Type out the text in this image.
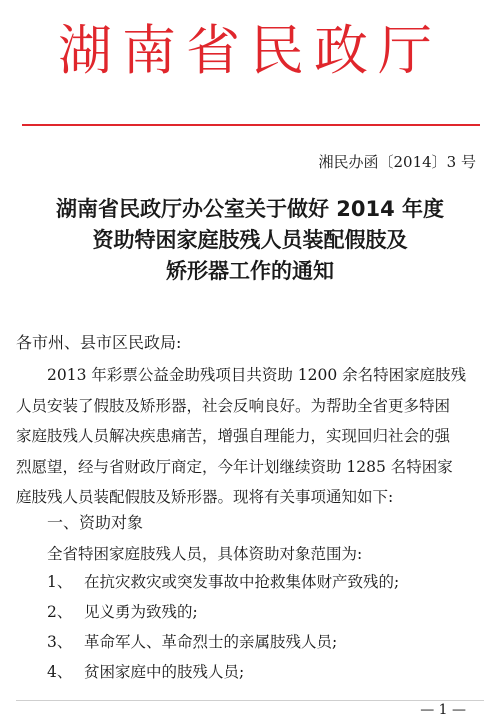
湖南省民政厅
湘民办函〔2014〕3 号
湖南省民政厅办公室关于做好 2014 年度
资助特困家庭肢残人员装配假肢及
矫形器工作的通知
各市州、县市区民政局:
2013 年彩票公益金助残项目共资助 1200 余名特困家庭肢残
人员安装了假肢及矫形器，社会反响良好。为帮助全省更多特困
家庭肢残人员解决疾患痛苦，增强自理能力，实现回归社会的强
烈愿望，经与省财政厅商定，今年计划继续资助 1285 名特困家
庭肢残人员装配假肢及矫形器。现将有关事项通知如下:
一、资助对象
全省特困家庭肢残人员，具体资助对象范围为:
1、 在抗灾救灾或突发事故中抢救集体财产致残的;
2、 见义勇为致残的;
3、 革命军人、革命烈士的亲属肢残人员;
4、 贫困家庭中的肢残人员;
— 1 —
